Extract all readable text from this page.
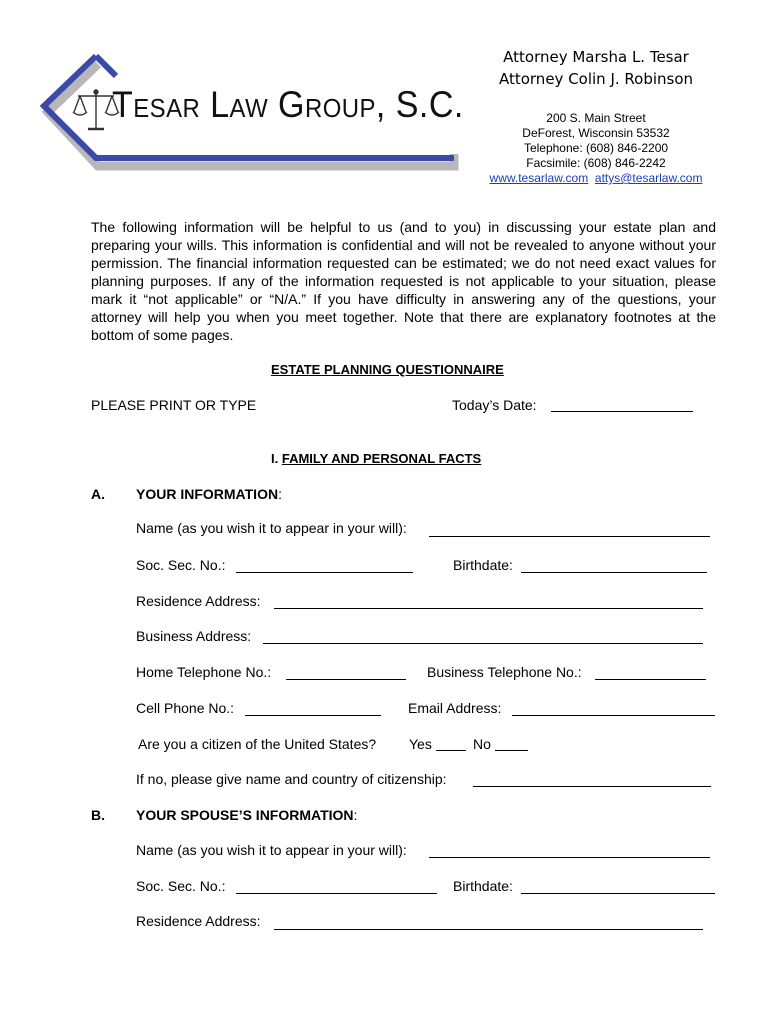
Tesar Law Group, S.C.
Attorney Marsha L. Tesar
Attorney Colin J. Robinson
200 S. Main Street
DeForest, Wisconsin 53532
Telephone: (608) 846-2200
Facsimile: (608) 846-2242
www.tesarlaw.com attys@tesarlaw.com
The following information will be helpful to us (and to you) in discussing your estate plan and preparing your wills. This information is confidential and will not be revealed to anyone without your permission. The financial information requested can be estimated; we do not need exact values for planning purposes. If any of the information requested is not applicable to your situation, please mark it “not applicable” or “N/A.” If you have difficulty in answering any of the questions, your attorney will help you when you meet together. Note that there are explanatory footnotes at the bottom of some pages.
ESTATE PLANNING QUESTIONNAIRE
PLEASE PRINT OR TYPE	Today’s Date:
I. FAMILY AND PERSONAL FACTS
A. YOUR INFORMATION:
Name (as you wish it to appear in your will):
Soc. Sec. No.:	Birthdate:
Residence Address:
Business Address:
Home Telephone No.:	Business Telephone No.:
Cell Phone No.:	Email Address:
Are you a citizen of the United States? Yes	No
If no, please give name and country of citizenship:
B. YOUR SPOUSE’S INFORMATION:
Name (as you wish it to appear in your will):
Soc. Sec. No.:	Birthdate:
Residence Address:
